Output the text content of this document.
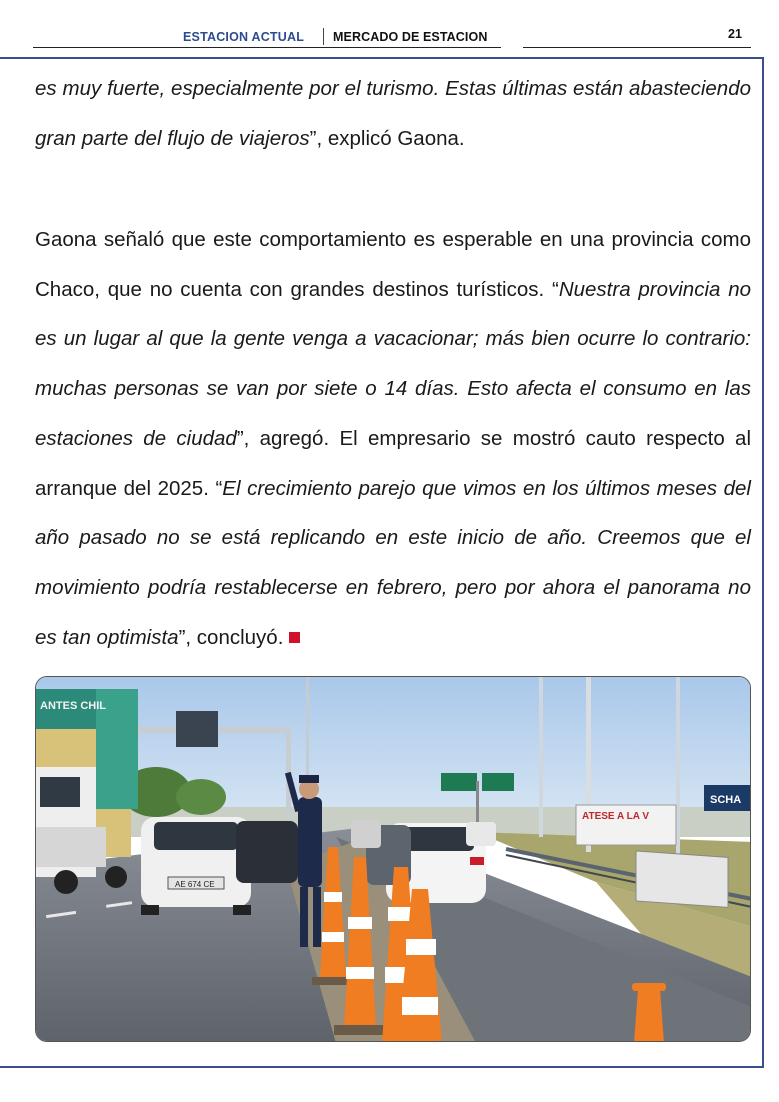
ESTACION ACTUAL MERCADO DE ESTACION	21

es muy fuerte, especialmente por el turismo. Estas últimas están abasteciendo gran parte del flujo de viajeros”, explicó Gaona.

Gaona señaló que este comportamiento es esperable en una provincia como Chaco, que no cuenta con grandes destinos turísticos. “Nuestra provincia no es un lugar al que la gente venga a vacacionar; más bien ocurre lo contrario: muchas personas se van por siete o 14 días. Esto afecta el consumo en las estaciones de ciudad”, agregó. El empresario se mostró cauto respecto al arranque del 2025. “El crecimiento parejo que vimos en los últimos meses del año pasado no se está replicando en este inicio de año. Creemos que el movimiento podría restablecerse en febrero, pero por ahora el panorama no es tan optimista”, concluyó.

ATESE A LA V
SCHA
ANTES CHIL
AE 674 CE
